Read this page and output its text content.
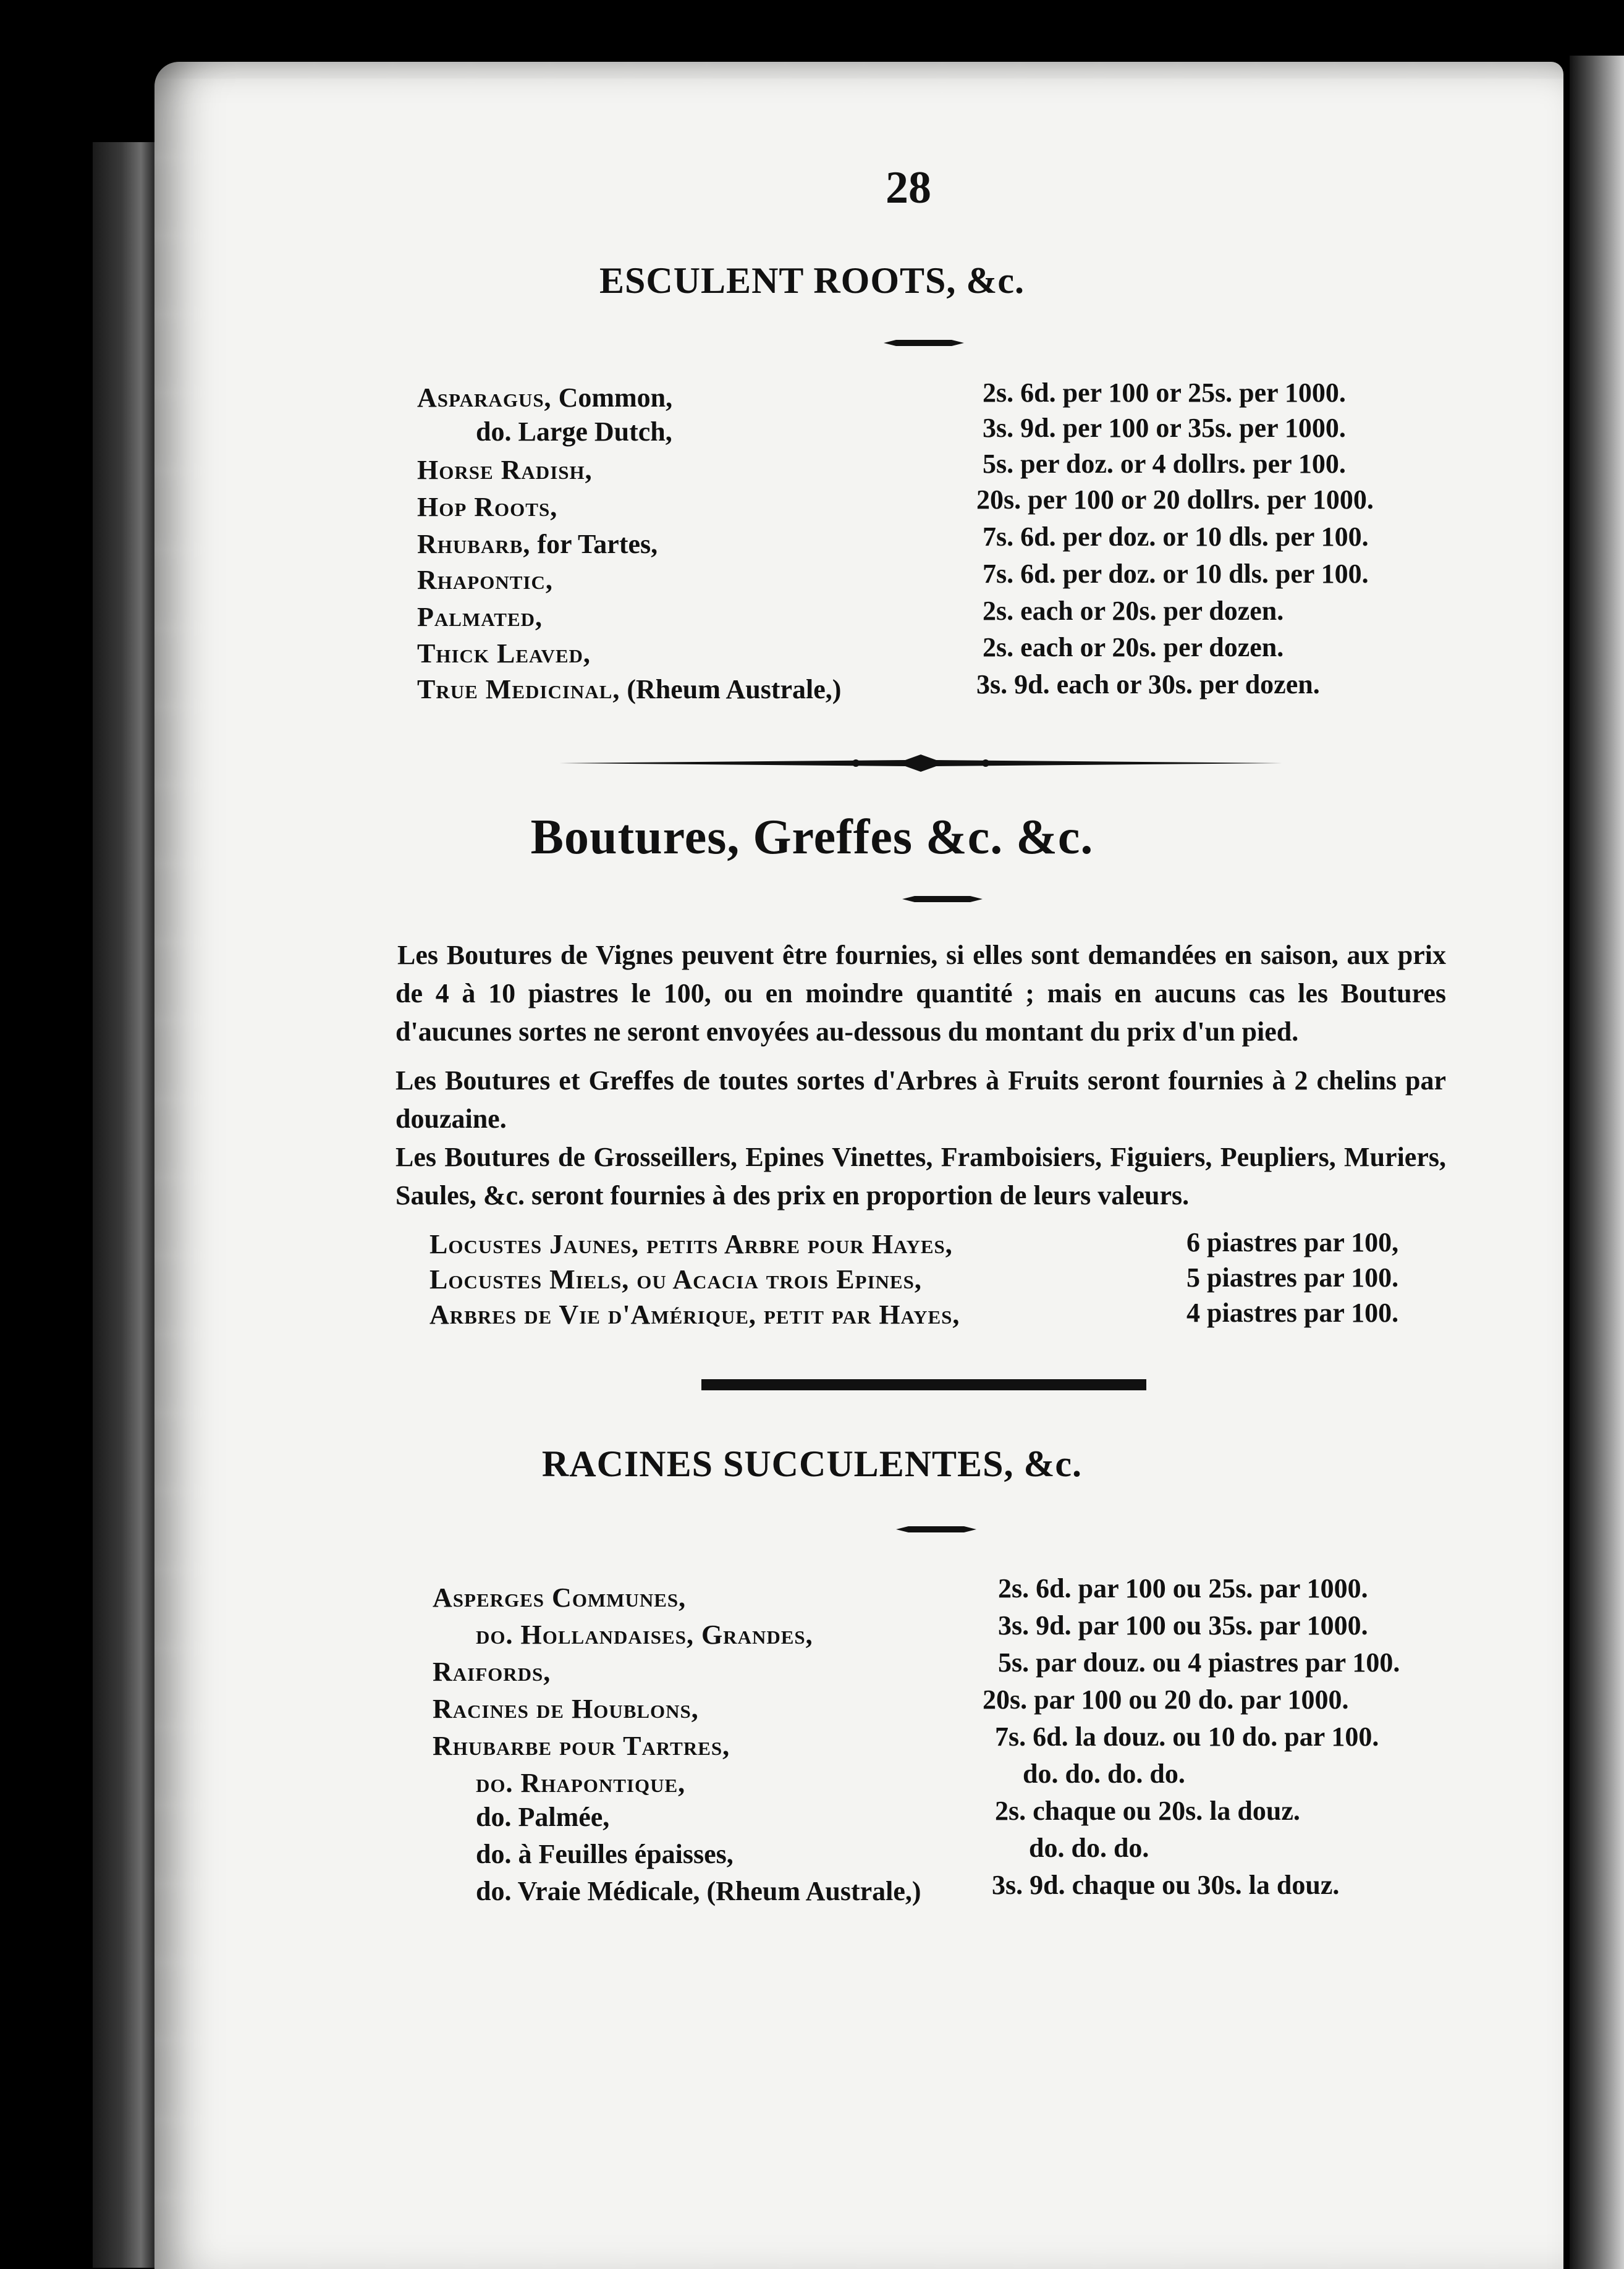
28
ESCULENT ROOTS, &c.
Asparagus, Common,	2s. 6d. per 100 or 25s. per 1000.
do. Large Dutch,	3s. 9d. per 100 or 35s. per 1000.
Horse Radish,	5s. per doz. or 4 dollrs. per 100.
Hop Roots,	20s. per 100 or 20 dollrs. per 1000.
Rhubarb, for Tartes,	7s. 6d. per doz. or 10 dls. per 100.
Rhapontic,	7s. 6d. per doz. or 10 dls. per 100.
Palmated,	2s. each or 20s. per dozen.
Thick Leaved,	2s. each or 20s. per dozen.
True Medicinal, (Rheum Australe,)	3s. 9d. each or 30s. per dozen.
Boutures, Greffes &c. &c.
Les Boutures de Vignes peuvent être fournies, si elles sont demandées en saison, aux prix de 4 à 10 piastres le 100, ou en moindre quantité ; mais en aucuns cas les Boutures d'aucunes sortes ne seront envoyées au-dessous du montant du prix d'un pied.
Les Boutures et Greffes de toutes sortes d'Arbres à Fruits seront fournies à 2 chelins par douzaine.
Les Boutures de Grosseillers, Epines Vinettes, Framboisiers, Figuiers, Peupliers, Muriers, Saules, &c. seront fournies à des prix en proportion de leurs valeurs.
Locustes Jaunes, petits Arbre pour Hayes,	6 piastres par 100,
Locustes Miels, ou Acacia trois Epines,	5 piastres par 100.
Arbres de Vie d'Amérique, petit par Hayes,	4 piastres par 100.
RACINES SUCCULENTES, &c.
Asperges Communes,	2s. 6d. par 100 ou 25s. par 1000.
do. Hollandaises, Grandes,	3s. 9d. par 100 ou 35s. par 1000.
Raifords,	5s. par douz. ou 4 piastres par 100.
Racines de Houblons,	20s. par 100 ou 20 do. par 1000.
Rhubarbe pour Tartres,	7s. 6d. la douz. ou 10 do. par 100.
do. Rhapontique,	do. do. do. do.
do. Palmée,	2s. chaque ou 20s. la douz.
do. à Feuilles épaisses,	do. do. do.
do. Vraie Médicale, (Rheum Australe,)	3s. 9d. chaque ou 30s. la douz.
